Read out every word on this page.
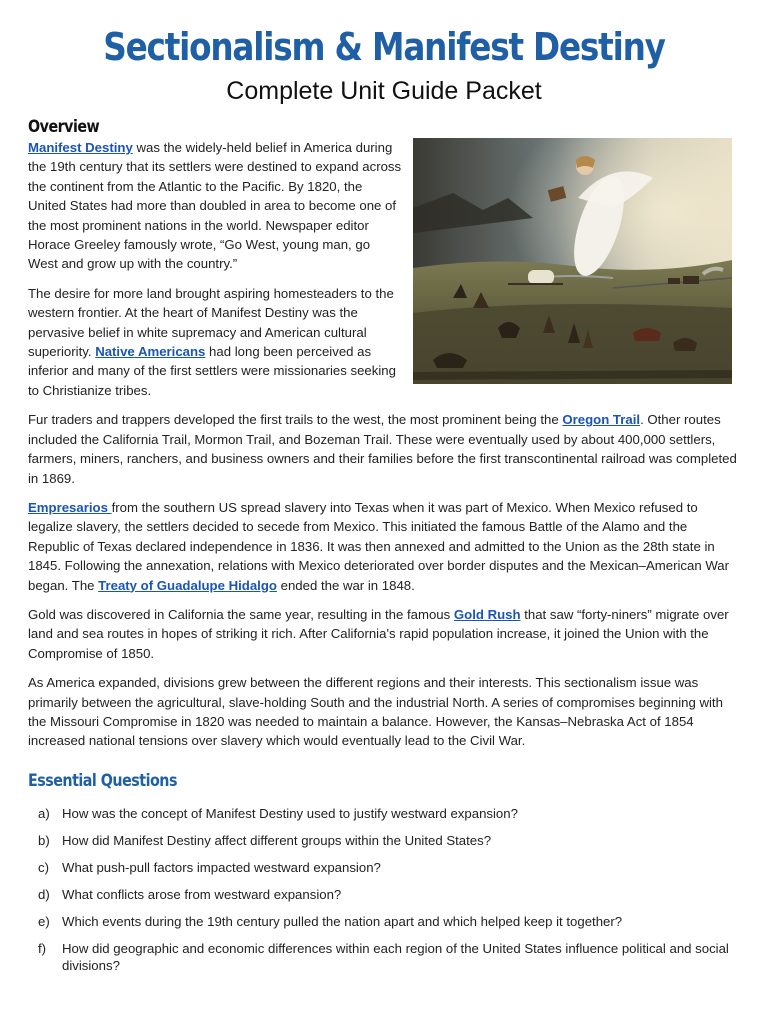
Sectionalism & Manifest Destiny
Complete Unit Guide Packet
Overview

Manifest Destiny was the widely-held belief in America during the 19th century that its settlers were destined to expand across the continent from the Atlantic to the Pacific. By 1820, the United States had more than doubled in area to become one of the most prominent nations in the world. Newspaper editor Horace Greeley famously wrote, “Go West, young man, go West and grow up with the country.”

The desire for more land brought aspiring homesteaders to the western frontier. At the heart of Manifest Destiny was the pervasive belief in white supremacy and American cultural superiority. Native Americans had long been perceived as inferior and many of the first settlers were missionaries seeking to Christianize tribes.

Fur traders and trappers developed the first trails to the west, the most prominent being the Oregon Trail. Other routes included the California Trail, Mormon Trail, and Bozeman Trail. These were eventually used by about 400,000 settlers, farmers, miners, ranchers, and business owners and their families before the first transcontinental railroad was completed in 1869.

Empresarios from the southern US spread slavery into Texas when it was part of Mexico. When Mexico refused to legalize slavery, the settlers decided to secede from Mexico. This initiated the famous Battle of the Alamo and the Republic of Texas declared independence in 1836. It was then annexed and admitted to the Union as the 28th state in 1845. Following the annexation, relations with Mexico deteriorated over border disputes and the Mexican–American War began. The Treaty of Guadalupe Hidalgo ended the war in 1848.

Gold was discovered in California the same year, resulting in the famous Gold Rush that saw “forty-niners” migrate over land and sea routes in hopes of striking it rich. After California's rapid population increase, it joined the Union with the Compromise of 1850.

As America expanded, divisions grew between the different regions and their interests. This sectionalism issue was primarily between the agricultural, slave-holding South and the industrial North. A series of compromises beginning with the Missouri Compromise in 1820 was needed to maintain a balance. However, the Kansas–Nebraska Act of 1854 increased national tensions over slavery which would eventually lead to the Civil War.

Essential Questions
a) How was the concept of Manifest Destiny used to justify westward expansion?
b) How did Manifest Destiny affect different groups within the United States?
c) What push-pull factors impacted westward expansion?
d) What conflicts arose from westward expansion?
e) Which events during the 19th century pulled the nation apart and which helped keep it together?
f)	How did geographic and economic differences within each region of the United States influence political and social divisions?
